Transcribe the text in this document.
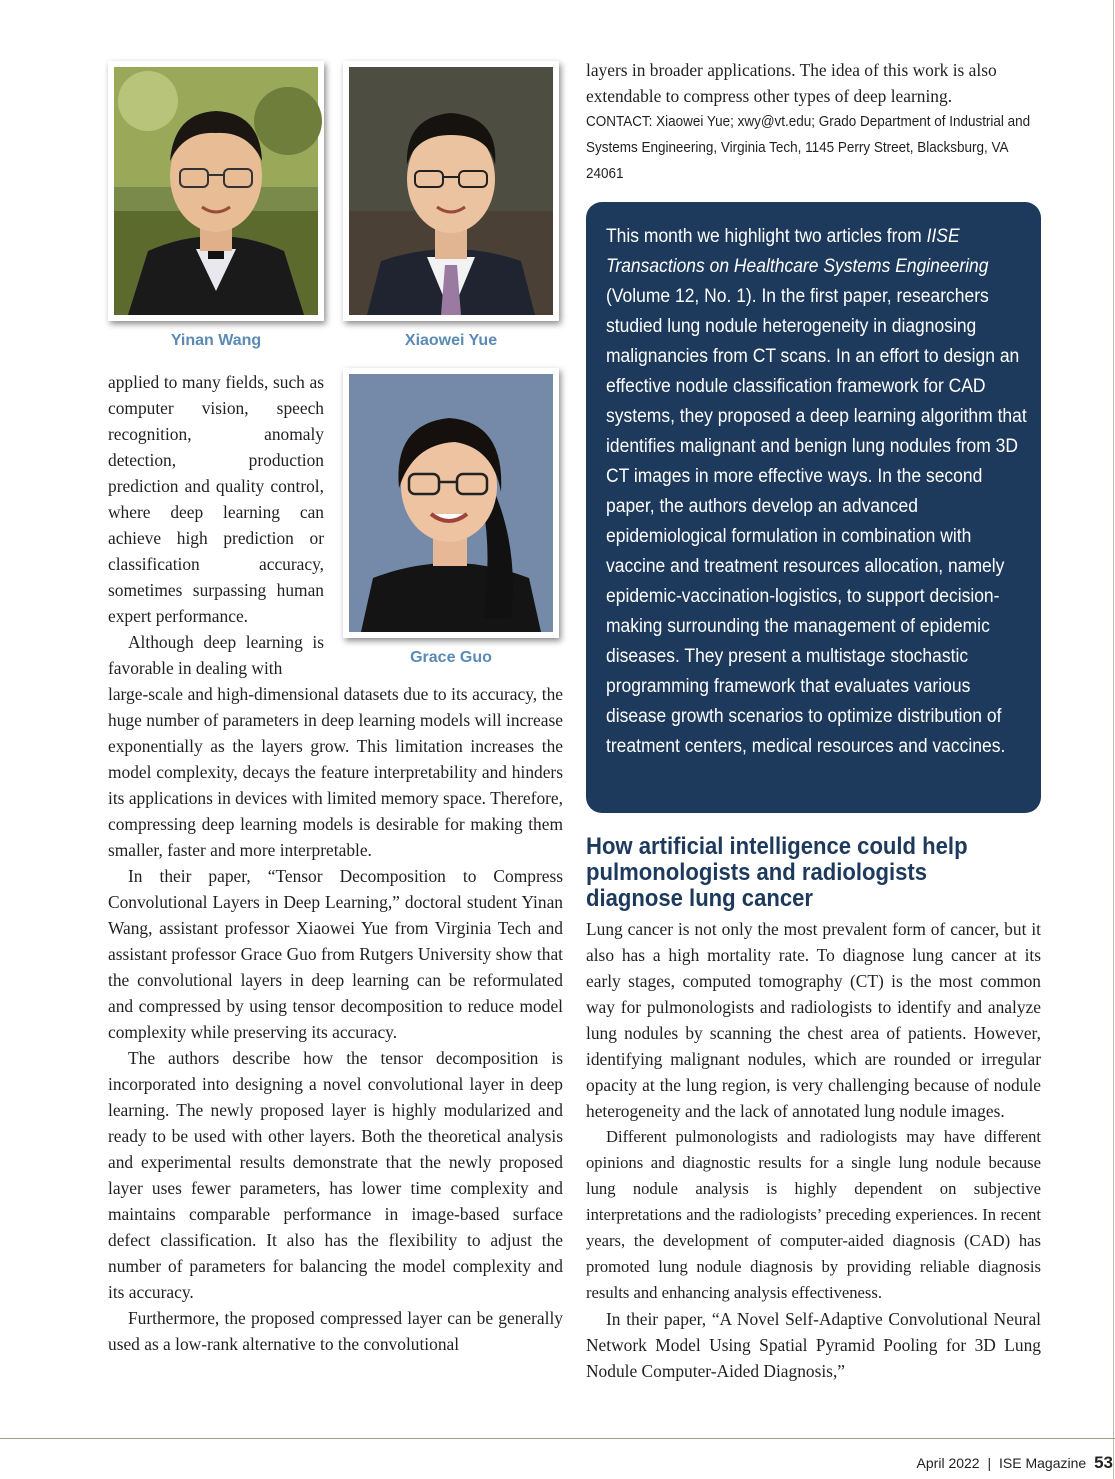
Yinan Wang	Xiaowei Yue
Grace Guo

applied to many fields, such as computer vision, speech recognition, anomaly detection, production prediction and quality control, where deep learning can achieve high prediction or classification accuracy, sometimes surpassing human expert performance.

Although deep learning is favorable in dealing with

large-scale and high-dimensional datasets due to its accuracy, the huge number of parameters in deep learning models will increase exponentially as the layers grow. This limitation increases the model complexity, decays the feature interpretability and hinders its applications in devices with limited memory space. Therefore, compressing deep learning models is desirable for making them smaller, faster and more interpretable.

In their paper, “Tensor Decomposition to Compress Convolutional Layers in Deep Learning,” doctoral student Yinan Wang, assistant professor Xiaowei Yue from Virginia Tech and assistant professor Grace Guo from Rutgers University show that the convolutional layers in deep learning can be reformulated and compressed by using tensor decomposition to reduce model complexity while preserving its accuracy.

The authors describe how the tensor decomposition is incorporated into designing a novel convolutional layer in deep learning. The newly proposed layer is highly modularized and ready to be used with other layers. Both the theoretical analysis and experimental results demonstrate that the newly proposed layer uses fewer parameters, has lower time complexity and maintains comparable performance in image-based surface defect classification. It also has the flexibility to adjust the number of parameters for balancing the model complexity and its accuracy.

Furthermore, the proposed compressed layer can be generally used as a low-rank alternative to the convolutional

layers in broader applications. The idea of this work is also extendable to compress other types of deep learning.
CONTACT: Xiaowei Yue; xwy@vt.edu; Grado Department of Industrial and Systems Engineering, Virginia Tech, 1145 Perry Street, Blacksburg, VA 24061
This month we highlight two articles from IISE Transactions on Healthcare Systems Engineering (Volume 12, No. 1). In the first paper, researchers studied lung nodule heterogeneity in diagnosing malignancies from CT scans. In an effort to design an effective nodule classification framework for CAD systems, they proposed a deep learning algorithm that identifies malignant and benign lung nodules from 3D CT images in more effective ways. In the second paper, the authors develop an advanced epidemiological formulation in combination with vaccine and treatment resources allocation, namely epidemic-vaccination-logistics, to support decision-making surrounding the management of epidemic diseases. They present a multistage stochastic programming framework that evaluates various disease growth scenarios to optimize distribution of treatment centers, medical resources and vaccines.
How artificial intelligence could help pulmonologists and radiologists diagnose lung cancer

Lung cancer is not only the most prevalent form of cancer, but it also has a high mortality rate. To diagnose lung cancer at its early stages, computed tomography (CT) is the most common way for pulmonologists and radiologists to identify and analyze lung nodules by scanning the chest area of patients. However, identifying malignant nodules, which are rounded or irregular opacity at the lung region, is very challenging because of nodule heterogeneity and the lack of annotated lung nodule images.

Different pulmonologists and radiologists may have different opinions and diagnostic results for a single lung nodule because lung nodule analysis is highly dependent on subjective interpretations and the radiologists’ preceding experiences. In recent years, the development of computer-aided diagnosis (CAD) has promoted lung nodule diagnosis by providing reliable diagnosis results and enhancing analysis effectiveness.

In their paper, “A Novel Self-Adaptive Convolutional Neural Network Model Using Spatial Pyramid Pooling for 3D Lung Nodule Computer-Aided Diagnosis,”

April 2022 | ISE Magazine 53
